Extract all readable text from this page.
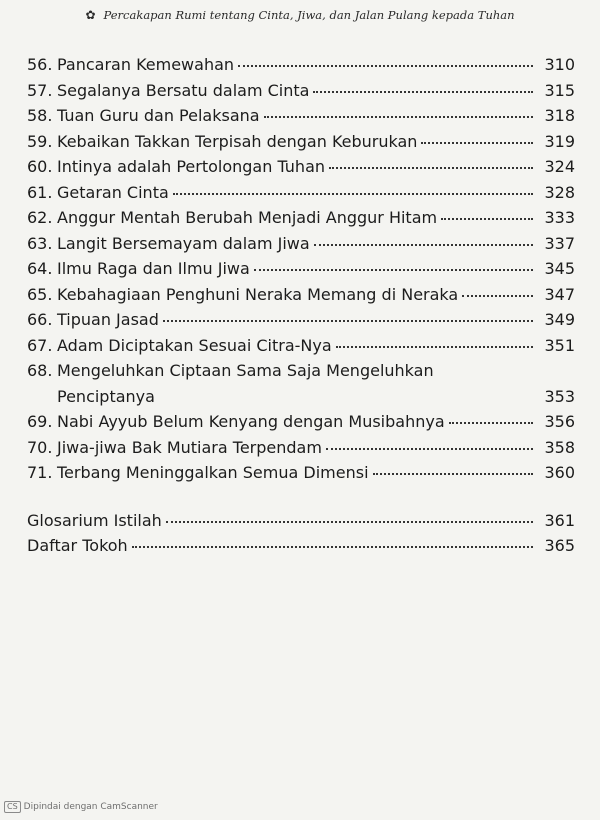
✿ Percakapan Rumi tentang Cinta, Jiwa, dan Jalan Pulang kepada Tuhan
56. Pancaran Kemewahan	310
57. Segalanya Bersatu dalam Cinta	315
58. Tuan Guru dan Pelaksana	318
59. Kebaikan Takkan Terpisah dengan Keburukan	319
60. Intinya adalah Pertolongan Tuhan	324
61. Getaran Cinta	328
62. Anggur Mentah Berubah Menjadi Anggur Hitam	333
63. Langit Bersemayam dalam Jiwa	337
64. Ilmu Raga dan Ilmu Jiwa	345
65. Kebahagiaan Penghuni Neraka Memang di Neraka	347
66. Tipuan Jasad	349
67. Adam Diciptakan Sesuai Citra-Nya	351
68. Mengeluhkan Ciptaan Sama Saja Mengeluhkan
Penciptanya	353
69. Nabi Ayyub Belum Kenyang dengan Musibahnya	356
70. Jiwa-jiwa Bak Mutiara Terpendam	358
71. Terbang Meninggalkan Semua Dimensi	360
Glosarium Istilah	361
Daftar Tokoh	365
CS Dipindai dengan CamScanner
